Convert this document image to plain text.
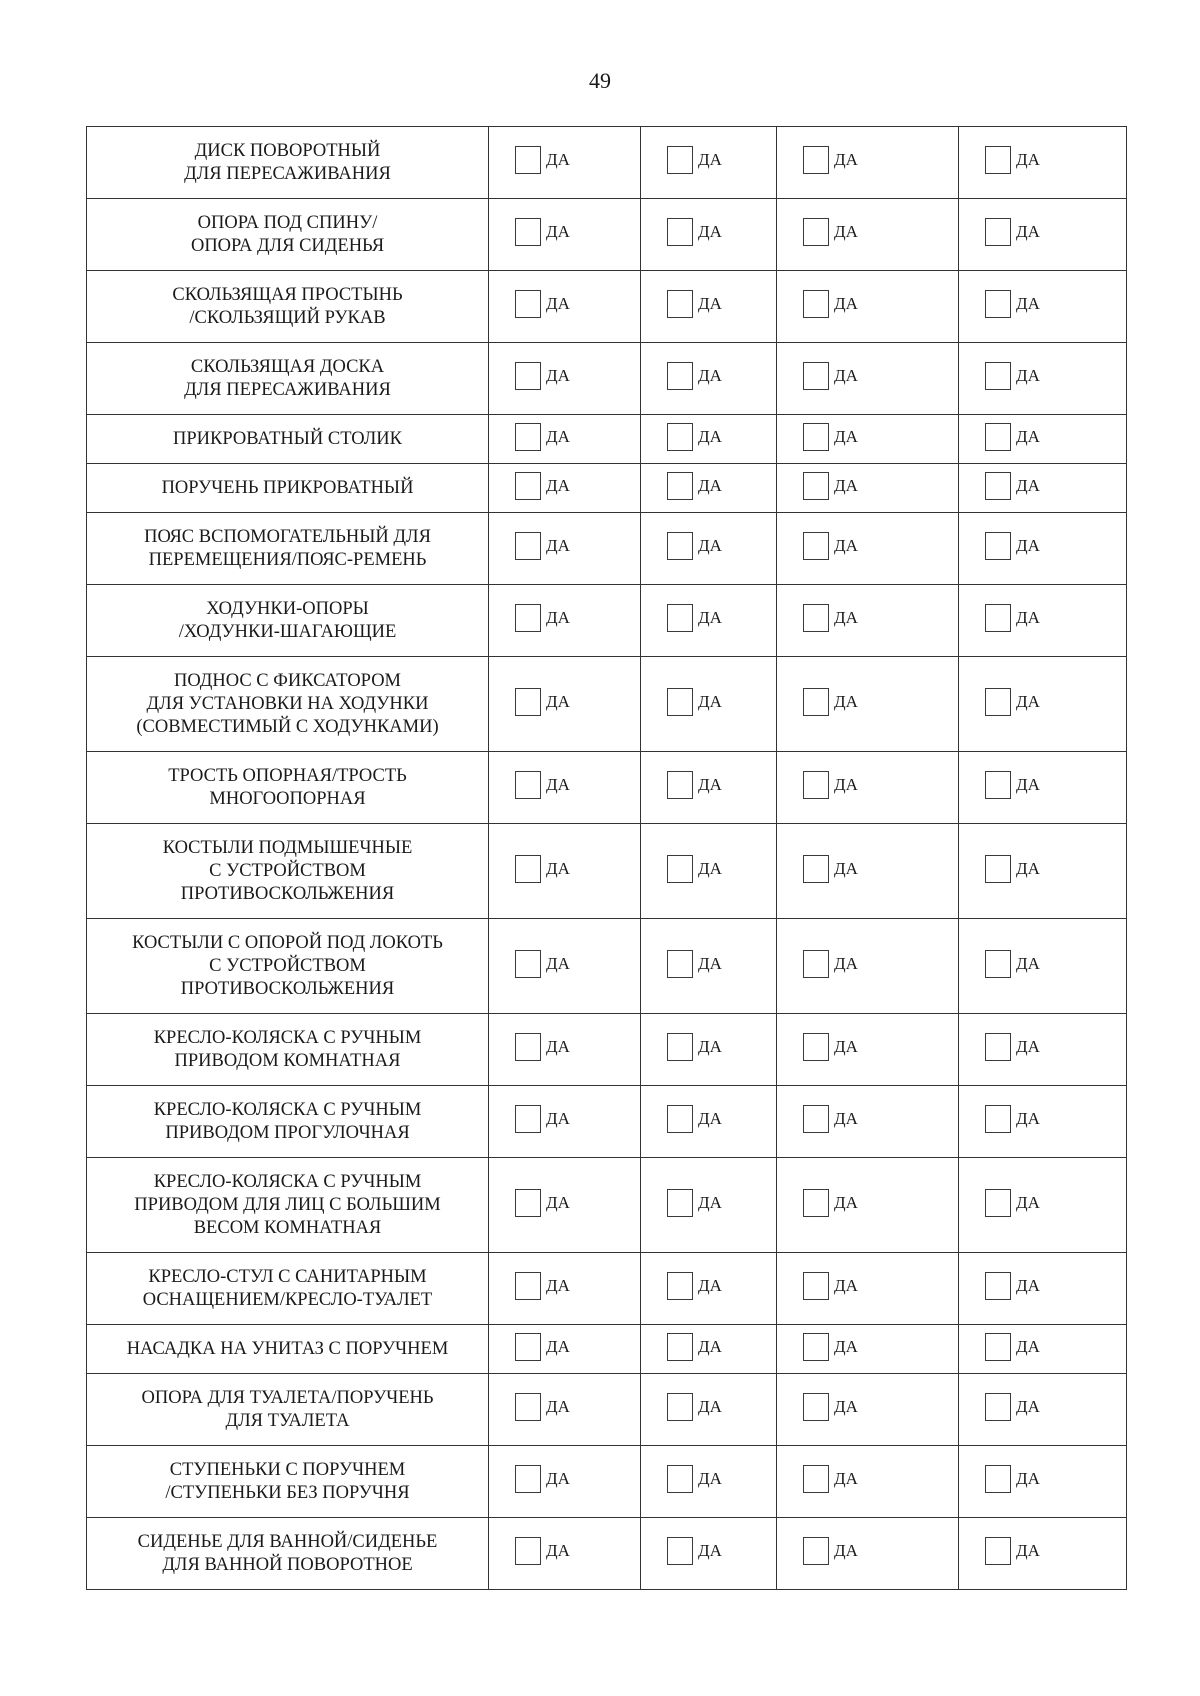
49
ДИСК ПОВОРОТНЫЙ
ДЛЯ ПЕРЕСАЖИВАНИЯ	ДА	ДА	ДА	ДА

ОПОРА ПОД СПИНУ/
ОПОРА ДЛЯ СИДЕНЬЯ	ДА	ДА	ДА	ДА

СКОЛЬЗЯЩАЯ ПРОСТЫНЬ
/СКОЛЬЗЯЩИЙ РУКАВ	ДА	ДА	ДА	ДА

СКОЛЬЗЯЩАЯ ДОСКА
ДЛЯ ПЕРЕСАЖИВАНИЯ	ДА	ДА	ДА	ДА

ПРИКРОВАТНЫЙ СТОЛИК	ДА	ДА	ДА	ДА

ПОРУЧЕНЬ ПРИКРОВАТНЫЙ	ДА	ДА	ДА	ДА

ПОЯС ВСПОМОГАТЕЛЬНЫЙ ДЛЯ
ПЕРЕМЕЩЕНИЯ/ПОЯС-РЕМЕНЬ	ДА	ДА	ДА	ДА

ХОДУНКИ-ОПОРЫ
/ХОДУНКИ-ШАГАЮЩИЕ	ДА	ДА	ДА	ДА

ПОДНОС С ФИКСАТОРОМ
ДЛЯ УСТАНОВКИ НА ХОДУНКИ
(СОВМЕСТИМЫЙ С ХОДУНКАМИ)	ДА	ДА	ДА	ДА

ТРОСТЬ ОПОРНАЯ/ТРОСТЬ
МНОГООПОРНАЯ	ДА	ДА	ДА	ДА

КОСТЫЛИ ПОДМЫШЕЧНЫЕ
С УСТРОЙСТВОМ
ПРОТИВОСКОЛЬЖЕНИЯ	ДА	ДА	ДА	ДА

КОСТЫЛИ С ОПОРОЙ ПОД ЛОКОТЬ
С УСТРОЙСТВОМ
ПРОТИВОСКОЛЬЖЕНИЯ	ДА	ДА	ДА	ДА

КРЕСЛО-КОЛЯСКА С РУЧНЫМ
ПРИВОДОМ КОМНАТНАЯ	ДА	ДА	ДА	ДА

КРЕСЛО-КОЛЯСКА С РУЧНЫМ
ПРИВОДОМ ПРОГУЛОЧНАЯ	ДА	ДА	ДА	ДА

КРЕСЛО-КОЛЯСКА С РУЧНЫМ
ПРИВОДОМ ДЛЯ ЛИЦ С БОЛЬШИМ
ВЕСОМ КОМНАТНАЯ	ДА	ДА	ДА	ДА

КРЕСЛО-СТУЛ С САНИТАРНЫМ
ОСНАЩЕНИЕМ/КРЕСЛО-ТУАЛЕТ	ДА	ДА	ДА	ДА

НАСАДКА НА УНИТАЗ С ПОРУЧНЕМ	ДА	ДА	ДА	ДА

ОПОРА ДЛЯ ТУАЛЕТА/ПОРУЧЕНЬ
ДЛЯ ТУАЛЕТА	ДА	ДА	ДА	ДА

СТУПЕНЬКИ С ПОРУЧНЕМ
/СТУПЕНЬКИ БЕЗ ПОРУЧНЯ	ДА	ДА	ДА	ДА

СИДЕНЬЕ ДЛЯ ВАННОЙ/СИДЕНЬЕ
ДЛЯ ВАННОЙ ПОВОРОТНОЕ	ДА	ДА	ДА	ДА
